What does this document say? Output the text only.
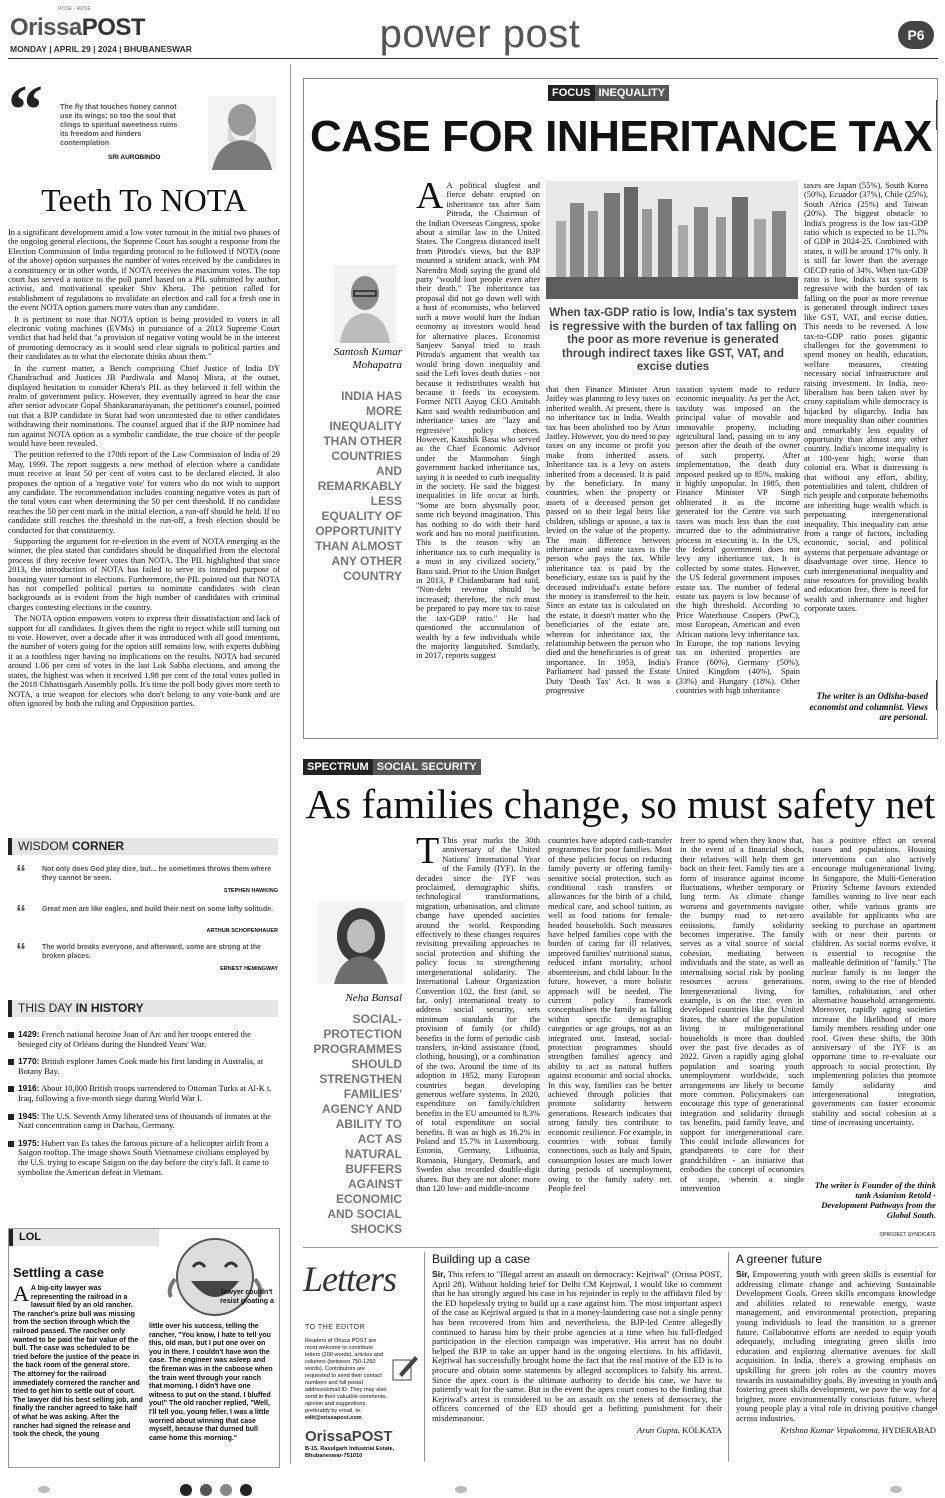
OrissaPOST
ROSE - ROSE
MONDAY | APRIL 29 | 2024 | BHUBANESWAR	power post	P6
“ The fly that touches honey cannot use its wings; so too the soul that clings to spiritual sweetness ruins its freedom and hinders contemplation
SRI AUROBINDO
Teeth To NOTA

In a significant development amid a low voter turnout in the initial two phases of the ongoing general elections, the Supreme Court has sought a response from the Election Commission of India regarding protocol to be followed if NOTA (none of the above) option surpasses the number of votes received by the candidates in a constituency or in other words, if NOTA receives the maximum votes. The top court has served a notice to the poll panel based on a PIL submitted by author, activist, and motivational speaker Shiv Khera. The petition called for establishment of regulations to invalidate an election and call for a fresh one in the event NOTA option garners more votes than any candidate.

It is pertinent to note that NOTA option is being provided to voters in all electronic voting machines (EVMs) in pursuance of a 2013 Supreme Court verdict that had held that "a provision of negative voting would be in the interest of promoting democracy as it would send clear signals to political parties and their candidates as to what the electorate thinks about them."

In the current matter, a Bench comprising Chief Justice of India DY Chandrachud and Justices JB Pardiwala and Manoj Misra, at the outset, displayed hesitation to consider Khera's PIL as they believed it fell within the realm of government policy. However, they eventually agreed to hear the case after senior advocate Gopal Shankaranarayanan, the petitioner's counsel, pointed out that a BJP candidate in Surat had won uncontested due to other candidates withdrawing their nominations. The counsel argued that if the BJP nominee had run against NOTA option as a symbolic candidate, the true choice of the people would have been revealed.

The petition referred to the 170th report of the Law Commission of India of 29 May, 1999. The report suggests a new method of election where a candidate must receive at least 50 per cent of votes cast to be declared elected. It also proposes the option of a 'negative vote' for voters who do not wish to support any candidate. The recommendation includes counting negative votes as part of the total votes cast when determining the 50 per cent threshold. If no candidate reaches the 50 per cent mark in the initial election, a run-off should be held. If no candidate still reaches the threshold in the run-off, a fresh election should be conducted for that constituency.

Supporting the argument for re-election in the event of NOTA emerging as the winner, the plea stated that candidates should be disqualified from the electoral process if they receive fewer votes than NOTA. The PIL highlighted that since 2013, the introduction of NOTA has failed to serve its intended purpose of boosting voter turnout in elections. Furthermore, the PIL pointed out that NOTA has not compelled political parties to nominate candidates with clean backgrounds as is evident from the high number of candidates with criminal charges contesting elections in the country.

The NOTA option empowers voters to express their dissatisfaction and lack of support for all candidates. It gives them the right to reject while still turning out to vote. However, over a decade after it was introduced with all good intentions, the number of voters going for the option still remains low, with experts dubbing it as a toothless tiger having no implications on the results. NOTA had secured around 1.06 per cent of votes in the last Lok Sabha elections, and among the states, the highest was when it received 1.98 per cent of the total votes polled in the 2018 Chhattisgarh Assembly polls. It's time the poll body gives more teeth to NOTA, a true weapon for electors who don't belong to any vote-bank and are often ignored by both the ruling and Opposition parties.

WISDOM CORNER
“ Not only does God play dice, but... he sometimes throws them where they cannot be seen.
STEPHEN HAWKING
“ Great men are like eagles, and build their nest on some lofty solitude.
ARTHUR SCHOPENHAUER
“ The world breaks everyone, and afterward, some are strong at the broken places.
ERNEST HEMINGWAY
THIS DAY IN HISTORY
1429: French national heroine Joan of Arc and her troops entered the besieged city of Orléans during the Hundred Years' War.
1770: British explorer James Cook made his first landing in Australia, at Botany Bay.
1916: About 10,000 British troops surrendered to Ottoman Turks at Al-K t, Iraq, following a five-month siege during World War I.
1945: The U.S. Seventh Army liberated tens of thousands of inmates at the Nazi concentration camp in Dachau, Germany.
1975: Hubert van Es takes the famous picture of a helicopter airlift from a Saigon rooftop. The image shows South Vietnamese civilians employed by the U.S. trying to escape Saigon on the day before the city's fall. It came to symbolize the American defeat in Vietnam.
LOL
Settling a case
A A big-city lawyer was representing the railroad in a lawsuit filed by an old rancher. The rancher's prize bull was missing from the section through which the railroad passed. The rancher only wanted to be paid the fair value of the bull. The case was scheduled to be tried before the justice of the peace in the back room of the general store. The attorney for the railroad immediately cornered the rancher and tried to get him to settle out of court. The lawyer did his best selling job, and finally the rancher agreed to take half of what he was asking. After the rancher had signed the release and took the check, the young
lawyer couldn't resist gloating a
little over his success, telling the rancher, "You know, I hate to tell you this, old man, but I put one over on you in there. I couldn't have won the case. The engineer was asleep and the fireman was in the caboose when the train went through your ranch that morning. I didn't have one witness to put on the stand. I bluffed you!" The old rancher replied, "Well, I'll tell you, young feller, I was a little worried about winning that case myself, because that durned bull came home this morning."
FOCUS INEQUALITY
CASE FOR INHERITANCE TAX
Santosh Kumar Mohapatra
INDIA HAS MORE INEQUALITY THAN OTHER COUNTRIES AND REMARKABLY LESS EQUALITY OF OPPORTUNITY THAN ALMOST ANY OTHER COUNTRY
A A political slugfest and fierce debate erupted on inheritance tax after Sam Pitroda, the Chairman of the Indian Overseas Congress, spoke about a similar law in the United States. The Congress distanced itself from Pitroda's views, but the BJP mounted a strident attack, with PM Narendra Modi saying the grand old party "would loot people even after their death." The inheritance tax proposal did not go down well with a host of economists, who believed such a move would hurt the Indian economy as investors would head for alternative places. Economist Sanjeev Sanyal tried to trash Pitroda's argument that wealth tax would bring down inequality and said the Left loves death duties - not because it redistributes wealth but because it feeds its ecosystem. Former NITI Aayog CEO Amitabh Kant said wealth redistribution and inheritance taxes are "lazy and regressive" policy choices. However, Kaushik Basu who served as the Chief Economic Advisor under the Manmohan Singh government backed inheritance tax, saying it is needed to curb inequality in the society. He said the biggest inequalities in life occur at birth. "Some are born abysmally poor, some rich beyond imagination. This has nothing to do with their hard work and has no moral justification. This is the reason why an inheritance tax to curb inequality is a must in any civilized society," Basu said. Prior to the Union Budget in 2013, P Chidambaram had said, "Non-debt revenue should be increased; therefore, the rich must be prepared to pay more tax to raise the tax-GDP ratio." He had questioned the accumulation of wealth by a few individuals while the majority languished. Similarly, in 2017, reports suggest
When tax-GDP ratio is low, India's tax system is regressive with the burden of tax falling on the poor as more revenue is generated through indirect taxes like GST, VAT, and excise duties
that then Finance Minister Arun Jaitley was planning to levy taxes on inherited wealth. At present, there is no inheritance tax in India. Wealth tax has been abolished too by Arun Jaitley. However, you do need to pay taxes on any income or profit you make from inherited assets. Inheritance tax is a levy on assets inherited from a deceased. It is paid by the beneficiary. In many countries, when the property or assets of a deceased person get passed on to their legal heirs like children, siblings or spouse, a tax is levied on the value of the property. The main difference between inheritance and estate taxes is the person who pays the tax. While inheritance tax is paid by the beneficiary, estate tax is paid by the deceased individual's estate before the money is transferred to the heir. Since an estate tax is calculated on the estate, it doesn't matter who the beneficiaries of the estate are, whereas for inheritance tax, the relationship between the person who died and the beneficiaries is of great importance. In 1953, India's Parliament had passed the Estate Duty 'Death Tax' Act. It was a progressive
taxation system made to reduce economic inequality. As per the Act, tax/duty was imposed on the principal value of movable and immovable property, including agricultural land, passing on to any person after the death of the owner of such property. After implementation, the death duty imposed peaked up to 85%, making it highly unpopular. In 1985, then Finance Minister VP Singh obliterated it as the income generated for the Centre via such taxes was much less than the cost incurred due to the administrative process in executing it. In the US, the federal government does not levy any inheritance tax. It is collected by some states. However, the US federal government imposes estate tax. The number of federal estate tax payers is low because of the high threshold. According to Price Waterhouse Coopers (PwC), most European, American and even African nations levy inheritance tax. In Europe, the top nations levying tax on inherited properties are France (60%), Germany (50%), United Kingdom (40%), Spain (33%) and Hungary (18%). Other countries with high inheritance
taxes are Japan (55%), South Korea (50%), Ecuador (37%), Chile (25%), South Africa (25%) and Taiwan (20%). The biggest obstacle to India's progress is the low tax-GDP ratio which is expected to be 11.7% of GDP in 2024-25. Combined with states, it will be around 17% only. It is still far lower than the average OECD ratio of 34%. When tax-GDP ratio is low, India's tax system is regressive with the burden of tax falling on the poor as more revenue is generated through indirect taxes like GST, VAT, and excise duties. This needs to be reversed. A low tax-to-GDP ratio poses gigantic challenges for the government to spend money on health, education, welfare measures, creating necessary social infrastructure and raising investment. In India, neo-liberalism has been taken over by crony capitalism while democracy is hijacked by oligarchy. India has more inequality than other countries and remarkably less equality of opportunity than almost any other country. India's income inequality is at 100-year high; worse than colonial era. What is distressing is that without any effort, ability, potentialities and talent, children of rich people and corporate behemoths are inheriting huge wealth which is perpetuating intergenerational inequality. This inequality can arise from a range of factors, including economic, social, and political systems that perpetuate advantage or disadvantage over time. Hence to curb intergenerational inequality and raise resources for providing health and education free, there is need for wealth and inheritance and higher corporate taxes.
The writer is an Odisha-based economist and columnist. Views are personal.
SPECTRUM SOCIAL SECURITY
As families change, so must safety net
Neha Bansal
SOCIAL-PROTECTION PROGRAMMES SHOULD STRENGTHEN FAMILIES' AGENCY AND ABILITY TO ACT AS NATURAL BUFFERS AGAINST ECONOMIC AND SOCIAL SHOCKS
T This year marks the 30th anniversary of the United Nations' International Year of the Family (IYF). In the decades since the IYF was proclaimed, demographic shifts, technological transformations, migration, urbanisation, and climate change have upended societies around the world. Responding effectively to these changes requires revisiting prevailing approaches to social protection and shifting the policy focus to strengthening intergenerational solidarity. The International Labour Organization Convention 102, the first (and, so far, only) international treaty to address social security, sets minimum standards for the provision of family (or child) benefits in the form of periodic cash transfers, in-kind assistance (food, clothing, housing), or a combination of the two. Around the time of its adoption in 1952, many European countries began developing generous welfare systems. In 2020, expenditure on family/children benefits in the EU amounted to 8.3% of total expenditure on social benefits. It was as high as 16.2% in Poland and 15.7% in Luxembourg. Estonia, Germany, Lithuania, Romania, Hungary, Denmark, and Sweden also recorded double-digit shares. But they are not alone: more than 120 low- and middle-income
countries have adopted cash-transfer programmes for poor families. Most of these policies focus on reducing family poverty or offering family-sensitive social protection, such as conditional cash transfers or allowances for the birth of a child, medical care, and school tuition, as well as food rations for female-headed households. Such measures have helped families cope with the burden of caring for ill relatives, improved families' nutritional status, reduced infant mortality, school absenteeism, and child labour. In the future, however, a more holistic approach will be needed. The current policy framework conceptualises the family as falling within specific demographic categories or age groups, not as an integrated unit. Instead, social-protection programmes should strengthen families' agency and ability to act as natural buffers against economic and social shocks. In this way, families can be better achieved through policies that promote solidarity between generations. Research indicates that strong family ties contribute to economic resilience. For example, in countries with robust family connections, such as Italy and Spain, consumption losses are much lower during periods of unemployment, owing to the family safety net. People feel
freer to spend when they know that, in the event of a financial shock, their relatives will help them get back on their feet. Family ties are a form of insurance against income fluctuations, whether temporary or long term. As climate change worsens and governments navigate the bumpy road to net-zero emissions, family solidarity becomes imperative. The family serves as a vital source of social cohesion, mediating between individuals and the state, as well as internalising social risk by pooling resources across generations. Intergenerational living, for example, is on the rise: even in developed countries like the United States, the share of the population living in multigenerational households is more than doubled over the past five decades as of 2022. Given a rapidly aging global population and soaring youth unemployment worldwide, such arrangements are likely to become more common. Policymakers can encourage this type of generational integration and solidarity through tax benefits, paid family leave, and support for intergenerational care. This could include allowances for grandparents to care for their grandchildren - an initiative that embodies the concept of economies of scope, wherein a single intervention
has a positive effect on several issues and populations. Housing interventions can also actively encourage multigenerational living. In Singapore, the Multi-Generation Priority Scheme favours extended families wanting to live near each other, while various grants are available for applicants who are seeking to purchase an apartment with or near their parents or children. As social norms evolve, it is essential to recognise the malleable definition of "family." The nuclear family is no longer the norm, owing to the rise of blended families, cohabitation, and other alternative household arrangements. Moreover, rapidly aging societies increase the likelihood of more family members residing under one roof. Given these shifts, the 30th anniversary of the IYF is an opportune time to re-evaluate our approach to social protection. By implementing policies that promote family solidarity and intergenerational integration, governments can foster economic stability and social cohesion at a time of increasing uncertainty.
The writer is Founder of the think tank Asianism Retold - Development Pathways from the Global South.
©PROJECT SYNDICATE
Letters
TO THE EDITOR
Readers of Orissa POST are most welcome to contribute letters (200 words), articles and columns (between 750-1250 words). Contributors are requested to send their contact numbers and full postal address/email ID. They may also send in their valuable comments, opinion and suggestions, preferably by email, to: edit@orissapost.com
OrissaPOST
B-15, Rasulgarh Industrial Estate, Bhubaneswar-751010
Building up a case
Sir, This refers to "Illegal arrest an assault on democracy: Kejriwal" (Orissa POST, April 28). Without holding brief for Delhi CM Kejriwal, I would like to comment that he has strongly argued his case in his rejoinder in reply to the affidavit filed by the ED hopelessly trying to build up a case against him. The most important aspect of the case as Kejriwal argued is that in a money-laundering case not a single penny has been recovered from him and nevertheless, the BJP-led Centre allegedly continued to harass him by their probe agencies at a time when his full-fledged participation in the election campaign was imperative. His arrest has no doubt helped the BJP to take an upper hand in the ongoing elections. In his affidavit, Kejriwal has successfully brought home the fact that the real motive of the ED is to procure and obtain some statements by alleged accomplices to falsify his arrest. Since the apex court is the ultimate authority to decide his case, we have to patiently wait for the same. But in the event the apex court comes to the finding that Kejriwal's arrest is considered to be an assault on the tenets of democracy, the officers concerned of the ED should get a befitting punishment for their misdemeanour.
Arun Gupta, KOLKATA
A greener future
Sir, Empowering youth with green skills is essential for addressing climate change and achieving Sustainable Development Goals. Green skills encompass knowledge and abilities related to renewable energy, waste management, and environmental protection, preparing young individuals to lead the transition to a greener future. Collaborative efforts are needed to equip youth adequately, including integrating green skills into education and exploring alternative avenues for skill acquisition. In India, there's a growing emphasis on upskilling for green job roles as the country moves towards its sustainability goals. By investing in youth and fostering green skills development, we pave the way for a brighter, more environmentally conscious future, where young people play a vital role in driving positive change across industries.
Krishna Kumar Vepakomma, HYDERABAD
